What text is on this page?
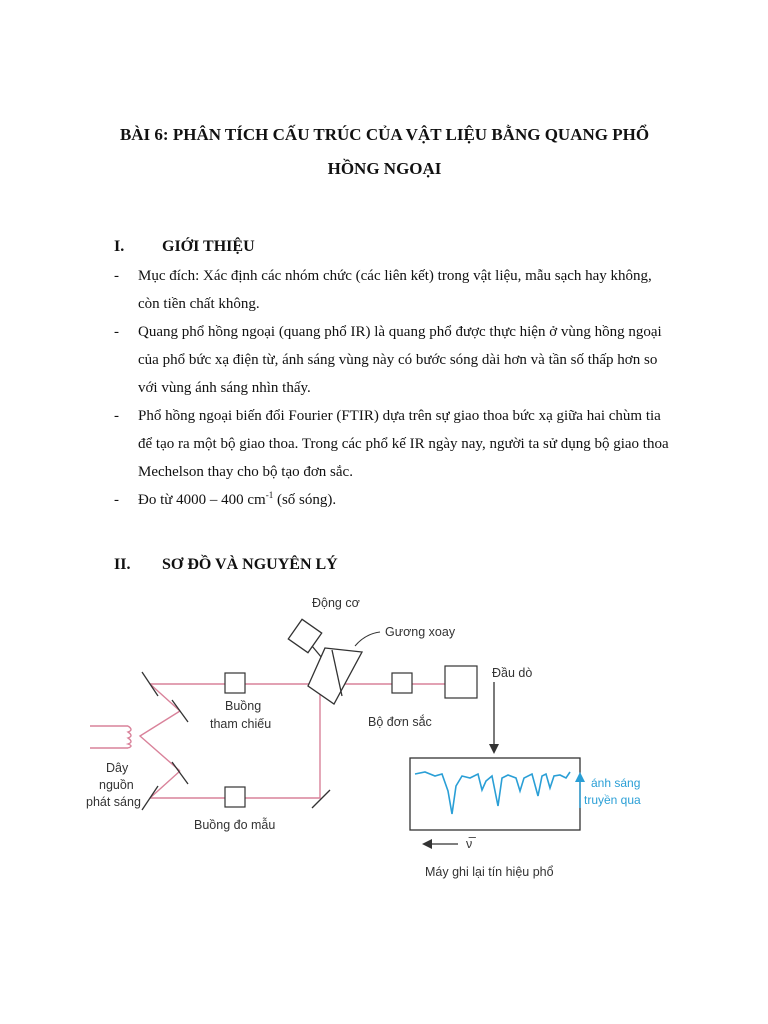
BÀI 6: PHÂN TÍCH CẤU TRÚC CỦA VẬT LIỆU BẰNG QUANG PHỔ HỒNG NGOẠI
I. GIỚI THIỆU

- Mục đích: Xác định các nhóm chức (các liên kết) trong vật liệu, mẫu sạch hay không, còn tiền chất không.

- Quang phổ hồng ngoại (quang phổ IR) là quang phổ được thực hiện ở vùng hồng ngoại của phổ bức xạ điện từ, ánh sáng vùng này có bước sóng dài hơn và tần số thấp hơn so với vùng ánh sáng nhìn thấy.

- Phổ hồng ngoại biến đổi Fourier (FTIR) dựa trên sự giao thoa bức xạ giữa hai chùm tia để tạo ra một bộ giao thoa. Trong các phổ kế IR ngày nay, người ta sử dụng bộ giao thoa Mechelson thay cho bộ tạo đơn sắc.

- Đo từ 4000 – 400 $cm^{-1}$ (số sóng).

II. SƠ ĐỒ VÀ NGUYÊN LÝ
Động cơ
Gương xoay
Đầu dò
Buồng
tham chiếu	Bộ đơn sắc
Dây
nguồn
phát sáng
Buồng đo mẫu
ánh sáng
truyền qua
ν̅
Máy ghi lại tín hiệu phổ
